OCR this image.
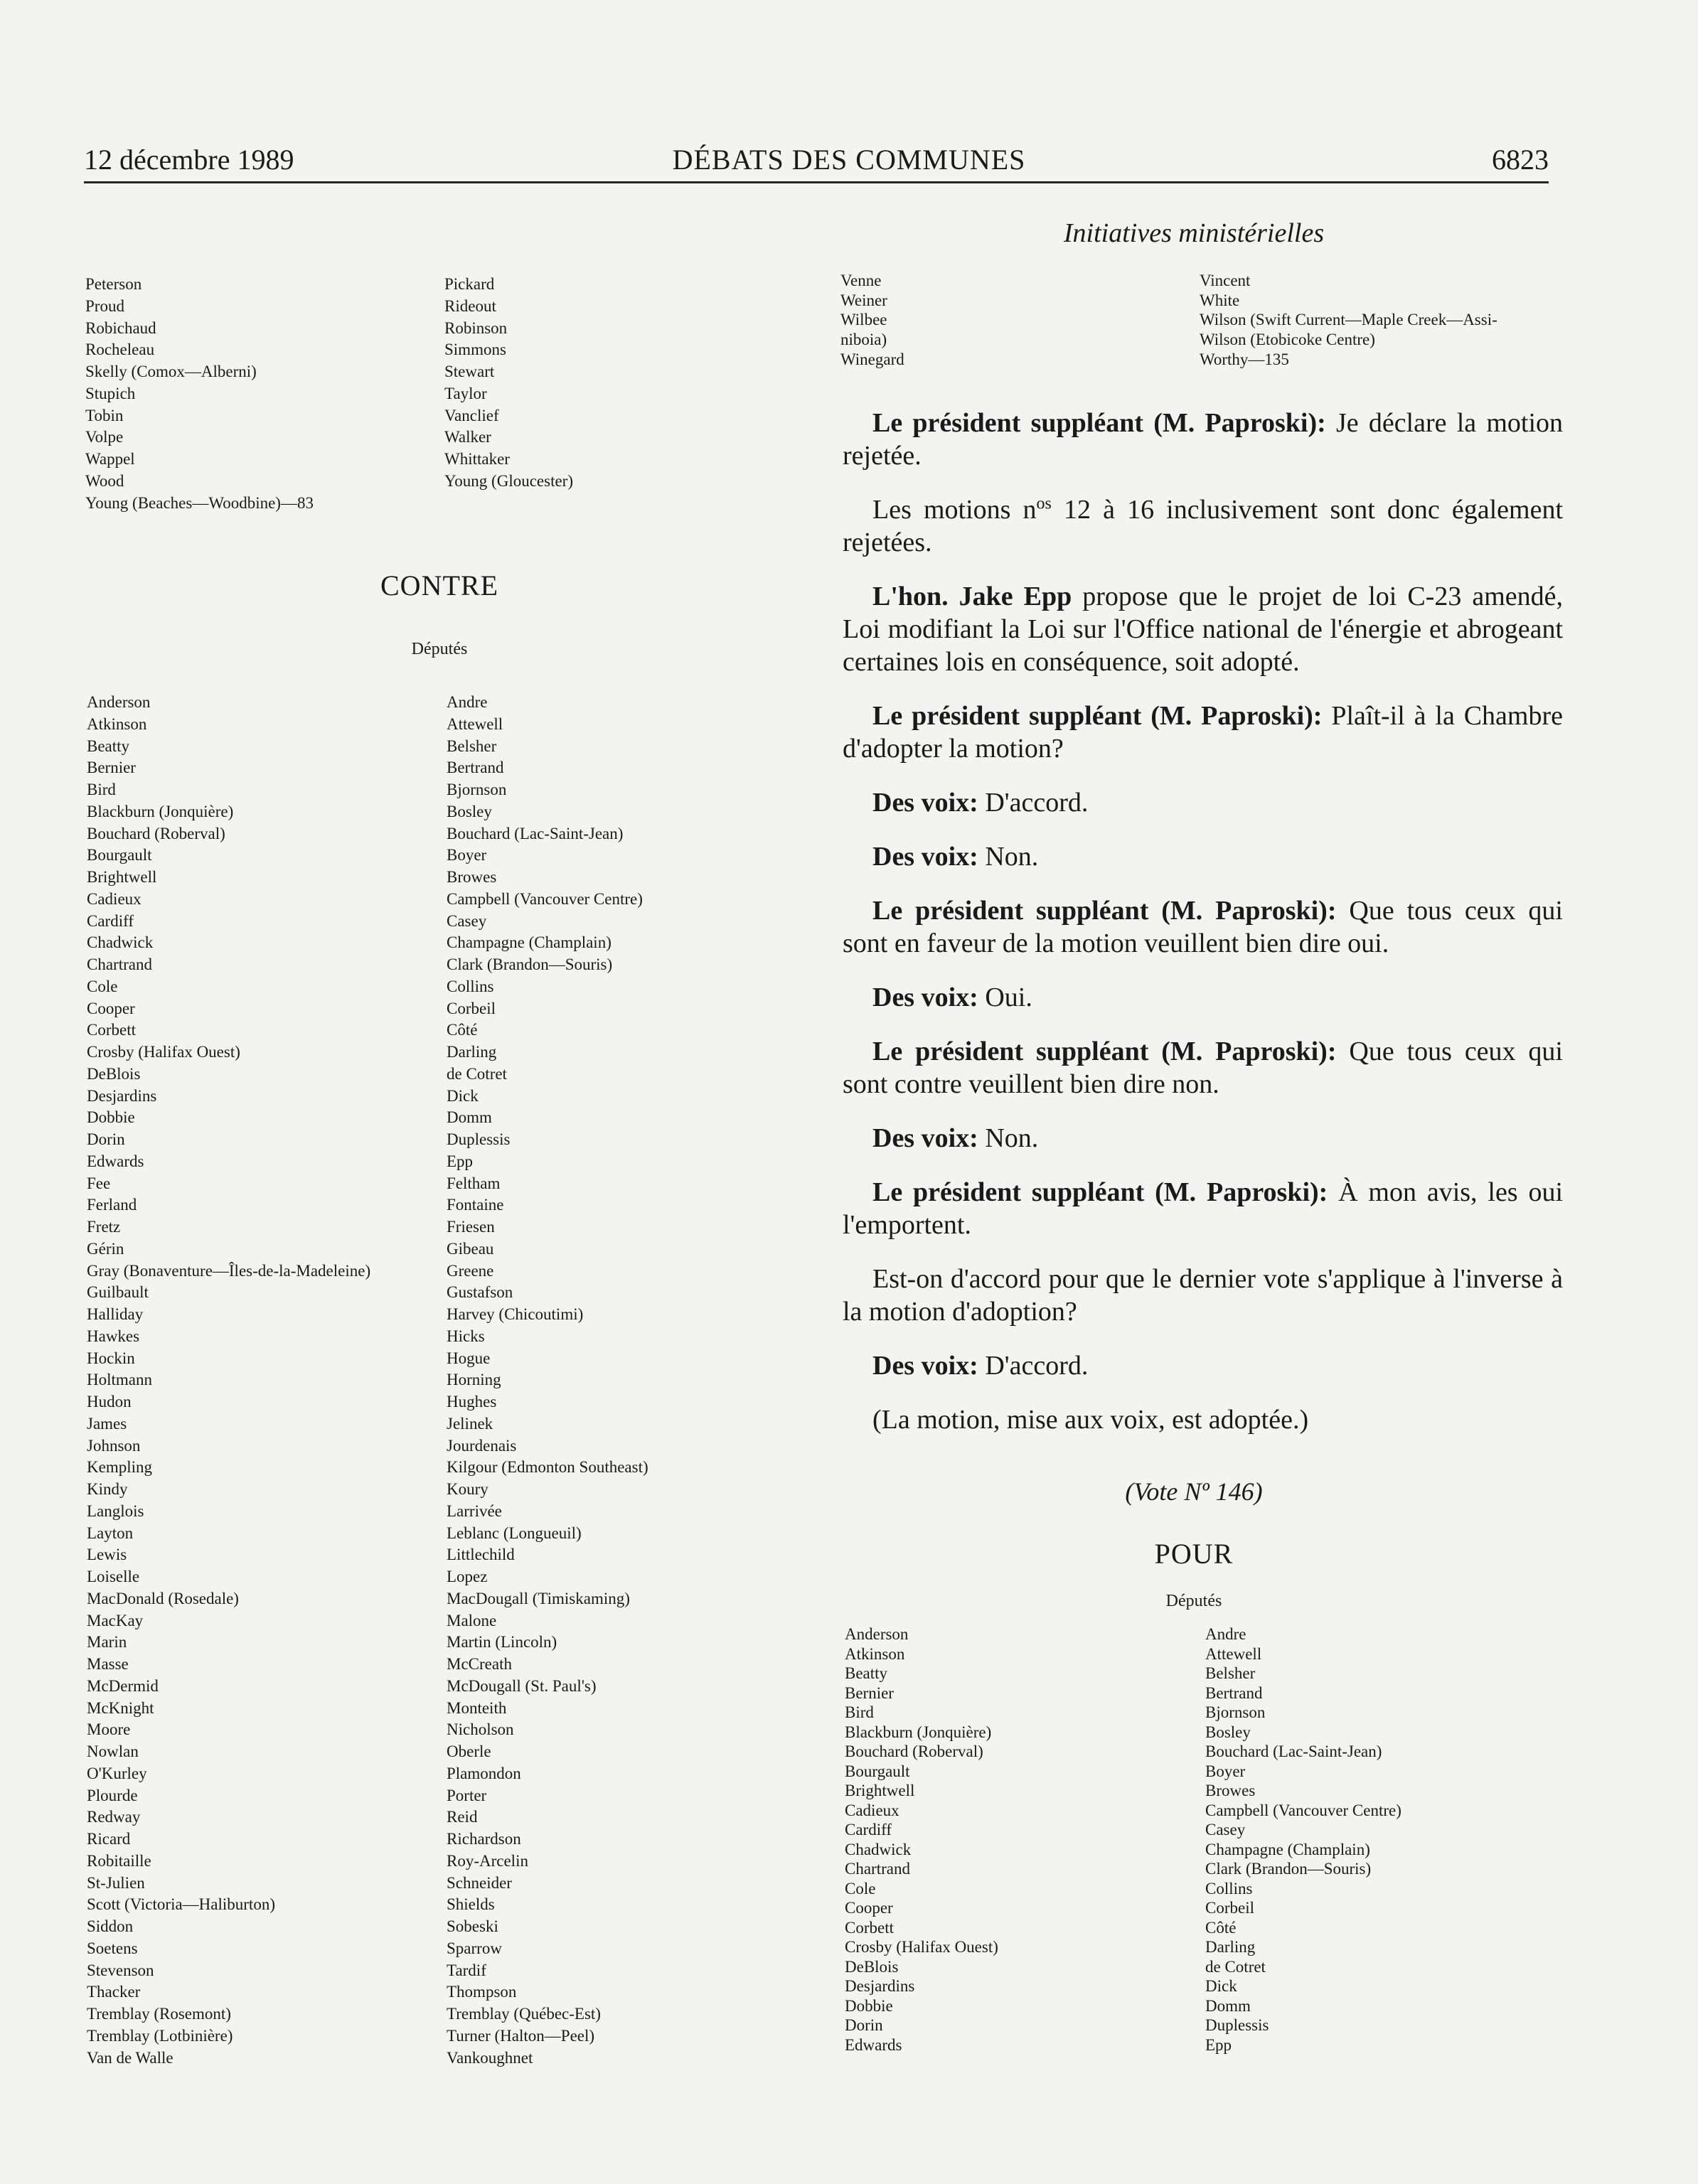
12 décembre 1989	DÉBATS DES COMMUNES	6823
Initiatives ministérielles
Peterson
Proud
Robichaud
Rocheleau
Skelly (Comox—Alberni)
Stupich
Tobin
Volpe
Wappel
Wood
Young (Beaches—Woodbine)—83
Pickard
Rideout
Robinson
Simmons
Stewart
Taylor
Vanclief
Walker
Whittaker
Young (Gloucester)
CONTRE
Députés
Anderson
Atkinson
Beatty
Bernier
Bird
Blackburn (Jonquière)
Bouchard (Roberval)
Bourgault
Brightwell
Cadieux
Cardiff
Chadwick
Chartrand
Cole
Cooper
Corbett
Crosby (Halifax Ouest)
DeBlois
Desjardins
Dobbie
Dorin
Edwards
Fee
Ferland
Fretz
Gérin
Gray (Bonaventure—Îles-de-la-Madeleine)
Guilbault
Halliday
Hawkes
Hockin
Holtmann
Hudon
James
Johnson
Kempling
Kindy
Langlois
Layton
Lewis
Loiselle
MacDonald (Rosedale)
MacKay
Marin
Masse
McDermid
McKnight
Moore
Nowlan
O'Kurley
Plourde
Redway
Ricard
Robitaille
St-Julien
Scott (Victoria—Haliburton)
Siddon
Soetens
Stevenson
Thacker
Tremblay (Rosemont)
Tremblay (Lotbinière)
Van de Walle
Andre
Attewell
Belsher
Bertrand
Bjornson
Bosley
Bouchard (Lac-Saint-Jean)
Boyer
Browes
Campbell (Vancouver Centre)
Casey
Champagne (Champlain)
Clark (Brandon—Souris)
Collins
Corbeil
Côté
Darling
de Cotret
Dick
Domm
Duplessis
Epp
Feltham
Fontaine
Friesen
Gibeau
Greene
Gustafson
Harvey (Chicoutimi)
Hicks
Hogue
Horning
Hughes
Jelinek
Jourdenais
Kilgour (Edmonton Southeast)
Koury
Larrivée
Leblanc (Longueuil)
Littlechild
Lopez
MacDougall (Timiskaming)
Malone
Martin (Lincoln)
McCreath
McDougall (St. Paul's)
Monteith
Nicholson
Oberle
Plamondon
Porter
Reid
Richardson
Roy-Arcelin
Schneider
Shields
Sobeski
Sparrow
Tardif
Thompson
Tremblay (Québec-Est)
Turner (Halton—Peel)
Vankoughnet
Venne
Weiner
Wilbee
niboia)
Winegard
Vincent
White
Wilson (Swift Current—Maple Creek—Assi-
Wilson (Etobicoke Centre)
Worthy—135

Le président suppléant (M. Paproski): Je déclare la motion rejetée.

Les motions $n^{os}$ 12 à 16 inclusivement sont donc également rejetées.

L'hon. Jake Epp propose que le projet de loi C-23 amendé, Loi modifiant la Loi sur l'Office national de l'énergie et abrogeant certaines lois en conséquence, soit adopté.

Le président suppléant (M. Paproski): Plaît-il à la Chambre d'adopter la motion?

Des voix: D'accord.

Des voix: Non.

Le président suppléant (M. Paproski): Que tous ceux qui sont en faveur de la motion veuillent bien dire oui.

Des voix: Oui.

Le président suppléant (M. Paproski): Que tous ceux qui sont contre veuillent bien dire non.

Des voix: Non.

Le président suppléant (M. Paproski): À mon avis, les oui l'emportent.

Est-on d'accord pour que le dernier vote s'applique à l'inverse à la motion d'adoption?

Des voix: D'accord.

(La motion, mise aux voix, est adoptée.)

(Vote Nº 146)
POUR
Députés
Anderson
Atkinson
Beatty
Bernier
Bird
Blackburn (Jonquière)
Bouchard (Roberval)
Bourgault
Brightwell
Cadieux
Cardiff
Chadwick
Chartrand
Cole
Cooper
Corbett
Crosby (Halifax Ouest)
DeBlois
Desjardins
Dobbie
Dorin
Edwards
Andre
Attewell
Belsher
Bertrand
Bjornson
Bosley
Bouchard (Lac-Saint-Jean)
Boyer
Browes
Campbell (Vancouver Centre)
Casey
Champagne (Champlain)
Clark (Brandon—Souris)
Collins
Corbeil
Côté
Darling
de Cotret
Dick
Domm
Duplessis
Epp
